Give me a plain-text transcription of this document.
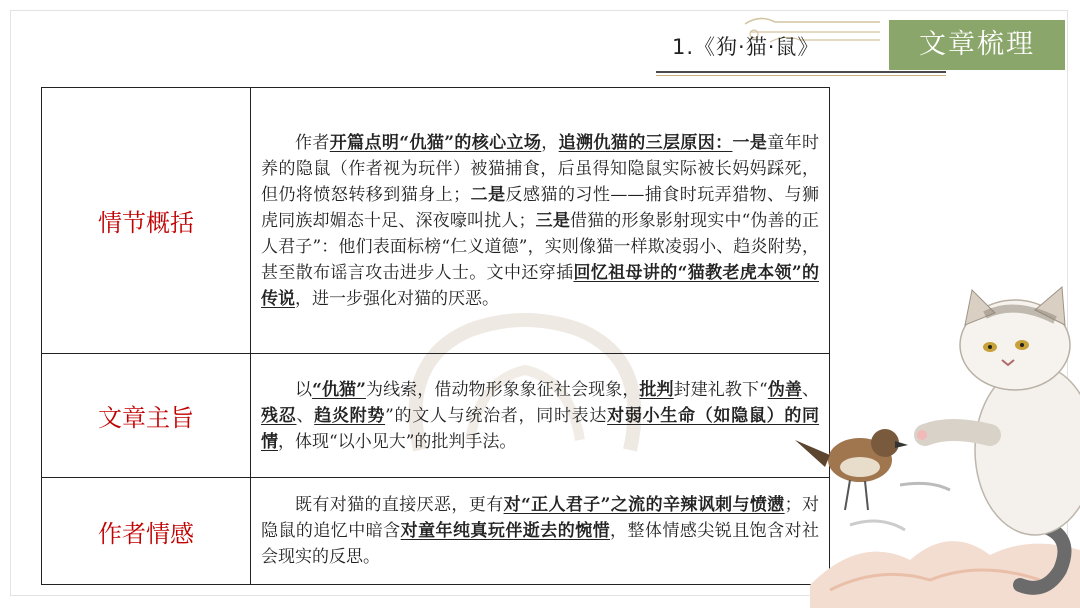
1.《狗·猫·鼠》	文章梳理
情节概括	作者开篇点明“仇猫”的核心立场，追溯仇猫的三层原因：一是童年时养的隐鼠（作者视为玩伴）被猫捕食，后虽得知隐鼠实际被长妈妈踩死，但仍将愤怒转移到猫身上；二是反感猫的习性——捕食时玩弄猎物、与狮虎同族却媚态十足、深夜嚎叫扰人；三是借猫的形象影射现实中“伪善的正人君子”：他们表面标榜“仁义道德”，实则像猫一样欺凌弱小、趋炎附势，甚至散布谣言攻击进步人士。文中还穿插回忆祖母讲的“猫教老虎本领”的传说，进一步强化对猫的厌恶。

文章主旨	以“仇猫”为线索，借动物形象象征社会现象，批判封建礼教下“伪善、残忍、趋炎附势”的文人与统治者，同时表达对弱小生命（如隐鼠）的同情，体现“以小见大”的批判手法。

作者情感	既有对猫的直接厌恶，更有对“正人君子”之流的辛辣讽刺与愤懑；对隐鼠的追忆中暗含对童年纯真玩伴逝去的惋惜，整体情感尖锐且饱含对社会现实的反思。
